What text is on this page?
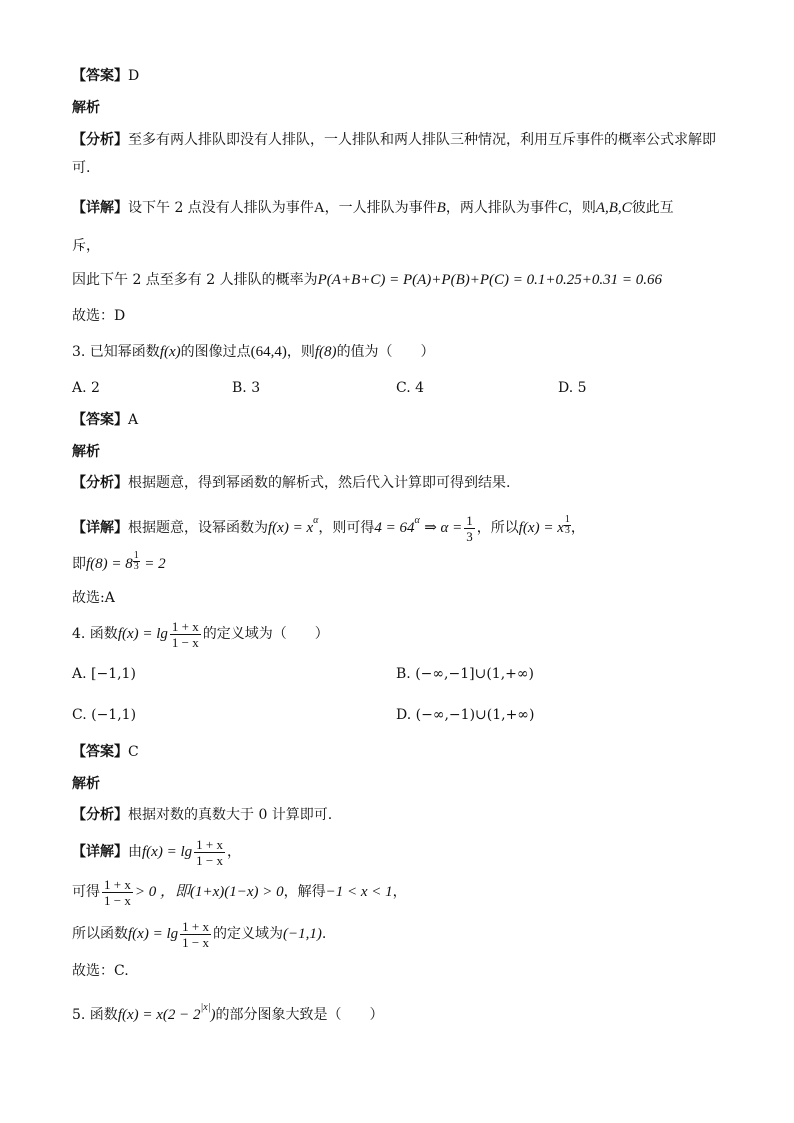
【答案】D
解析
【分析】至多有两人排队即没有人排队，一人排队和两人排队三种情况，利用互斥事件的概率公式求解即
可.
【详解】设下午 2 点没有人排队为事件A，一人排队为事件B，两人排队为事件C，则A,B,C彼此互
斥，
因此下午 2 点至多有 2 人排队的概率为P(A+B+C) = P(A)+P(B)+P(C) = 0.1+0.25+0.31 = 0.66
故选：D
3. 已知幂函数f(x)的图像过点(64,4)，则f(8)的值为（　　）
A. 2	B. 3	C. 4	D. 5
【答案】A
解析
【分析】根据题意，得到幂函数的解析式，然后代入计算即可得到结果.
【详解】根据题意，设幂函数为$f(x) = x^\alpha$，则可得$4 = 64^\alpha$ ⇒ $\alpha = \frac{1}{3}$ ，所以f(x) = x $\frac{1}{3}$ ，
即$f(8) = 8 \frac{1}{3} = 2$
故选:A
4. 函数$f(x) = \lg \frac{1 + x}{1 - x}$ 的定义域为（　　）
A. [−1,1)	B. (−∞,−1]∪(1,+∞)
C. (−1,1)	D. (−∞,−1)∪(1,+∞)
【答案】C
解析
【分析】根据对数的真数大于 0 计算即可.
【详解】由$f(x) = \lg \frac{1 + x}{1 - x}$ ，
可得 $\frac{1 + x}{1 - x} > 0$ ，即(1+x)(1−x) > 0，解得−1 < x < 1，
所以函数$f(x) = \lg \frac{1 + x}{1 - x}$ 的定义域为(−1,1).
故选：C.
5. 函数$f(x) = x(2 - 2^{|x|})$的部分图象大致是（　　）
